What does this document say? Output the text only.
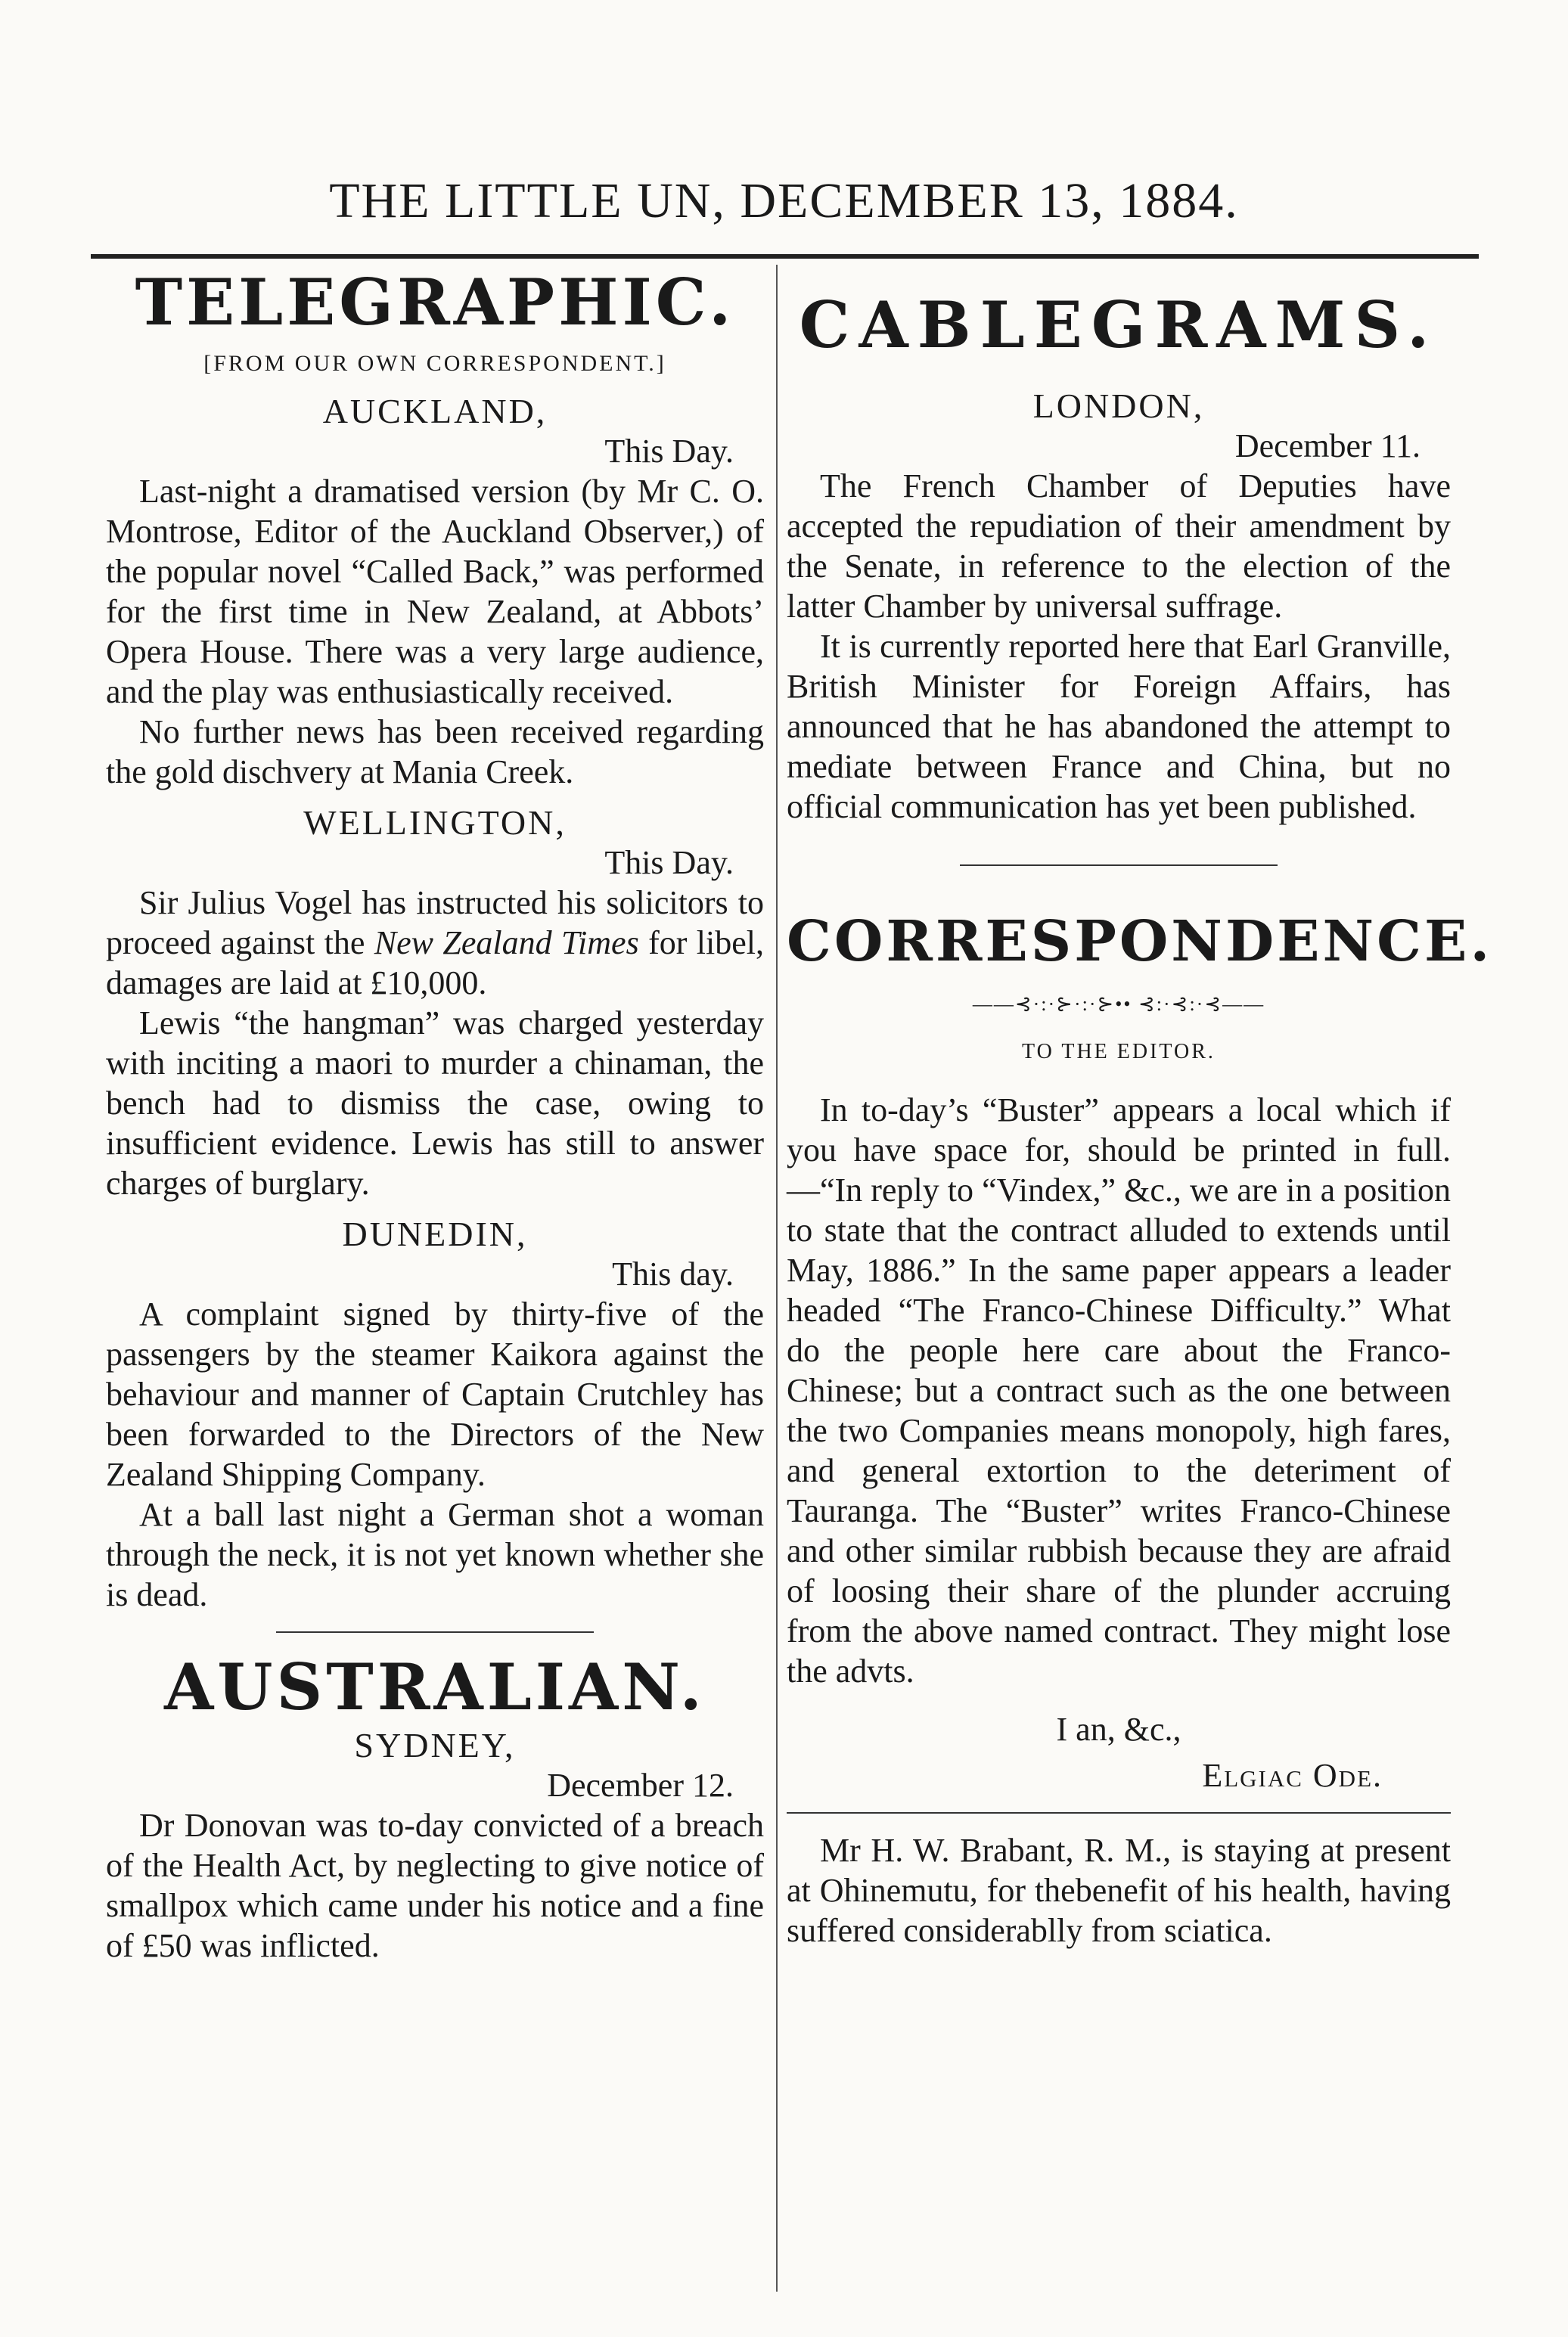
THE LITTLE UN, DECEMBER 13, 1884.
TELEGRAPHIC.
[FROM OUR OWN CORRESPONDENT.]
AUCKLAND,
This Day.

Last-night a dramatised version (by Mr C. O. Montrose, Editor of the Auckland Observer,) of the popular novel “Called Back,” was performed for the first time in New Zealand, at Abbots’ Opera House. There was a very large audience, and the play was enthusiastically received.

No further news has been received regarding the gold dischvery at Mania Creek.

WELLINGTON,
This Day.

Sir Julius Vogel has instructed his solicitors to proceed against the New Zealand Times for libel, damages are laid at £10,000.

Lewis “the hangman” was charged yesterday with inciting a maori to murder a chinaman, the bench had to dismiss the case, owing to insufficient evidence. Lewis has still to answer charges of burglary.

DUNEDIN,
This day.

A complaint signed by thirty-five of the passengers by the steamer Kaikora against the behaviour and manner of Captain Crutchley has been forwarded to the Directors of the New Zealand Shipping Company.

At a ball last night a German shot a woman through the neck, it is not yet known whether she is dead.

AUSTRALIAN.
SYDNEY,
December 12.

Dr Donovan was to-day convicted of a breach of the Health Act, by neglecting to give notice of smallpox which came under his notice and a fine of £50 was inflicted.

CABLEGRAMS.
LONDON,
December 11.

The French Chamber of Deputies have accepted the repudiation of their amendment by the Senate, in reference to the election of the latter Chamber by universal suffrage.

It is currently reported here that Earl Granville, British Minister for Foreign Affairs, has announced that he has abandoned the attempt to mediate between France and China, but no official communication has yet been published.

CORRESPONDENCE.
——⊰·:·⊱·:·⊱•• ⊰:·⊰:·⊰——
TO THE EDITOR.

In to-day’s “Buster” appears a local which if you have space for, should be printed in full.—“In reply to “Vindex,” &c., we are in a position to state that the contract alluded to extends until May, 1886.” In the same paper appears a leader headed “The Franco-Chinese Difficulty.” What do the people here care about the Franco-Chinese; but a contract such as the one between the two Companies means monopoly, high fares, and general extortion to the deteriment of Tauranga. The “Buster” writes Franco-Chinese and other similar rubbish because they are afraid of loosing their share of the plunder accruing from the above named contract. They might lose the advts.

I an, &c.,
Elgiac Ode.

Mr H. W. Brabant, R. M., is staying at present at Ohinemutu, for thebenefit of his health, having suffered considerablly from sciatica.
